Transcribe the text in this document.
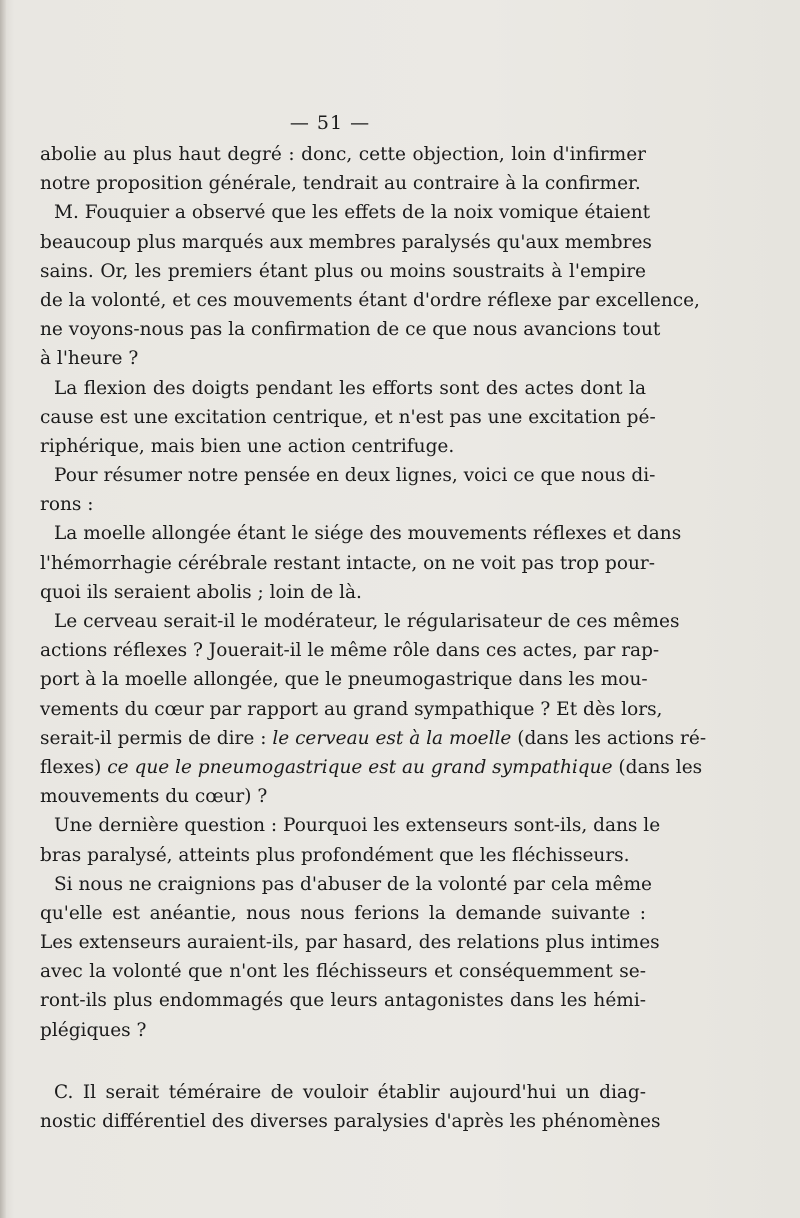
— 51 —
abolie au plus haut degré : donc, cette objection, loin d'infirmer
notre proposition générale, tendrait au contraire à la confirmer.
M. Fouquier a observé que les effets de la noix vomique étaient
beaucoup plus marqués aux membres paralysés qu'aux membres
sains. Or, les premiers étant plus ou moins soustraits à l'empire
de la volonté, et ces mouvements étant d'ordre réflexe par excellence,
ne voyons-nous pas la confirmation de ce que nous avancions tout
à l'heure ?
La flexion des doigts pendant les efforts sont des actes dont la
cause est une excitation centrique, et n'est pas une excitation pé-
riphérique, mais bien une action centrifuge.
Pour résumer notre pensée en deux lignes, voici ce que nous di-
rons :
La moelle allongée étant le siége des mouvements réflexes et dans
l'hémorrhagie cérébrale restant intacte, on ne voit pas trop pour-
quoi ils seraient abolis ; loin de là.
Le cerveau serait-il le modérateur, le régularisateur de ces mêmes
actions réflexes ? Jouerait-il le même rôle dans ces actes, par rap-
port à la moelle allongée, que le pneumogastrique dans les mou-
vements du cœur par rapport au grand sympathique ? Et dès lors,
serait-il permis de dire : le cerveau est à la moelle (dans les actions ré-
flexes) ce que le pneumogastrique est au grand sympathique (dans les
mouvements du cœur) ?
Une dernière question : Pourquoi les extenseurs sont-ils, dans le
bras paralysé, atteints plus profondément que les fléchisseurs.
Si nous ne craignions pas d'abuser de la volonté par cela même
qu'elle est anéantie, nous nous ferions la demande suivante :
Les extenseurs auraient-ils, par hasard, des relations plus intimes
avec la volonté que n'ont les fléchisseurs et conséquemment se-
ront-ils plus endommagés que leurs antagonistes dans les hémi-
plégiques ?
C. Il serait téméraire de vouloir établir aujourd'hui un diag-
nostic différentiel des diverses paralysies d'après les phénomènes
